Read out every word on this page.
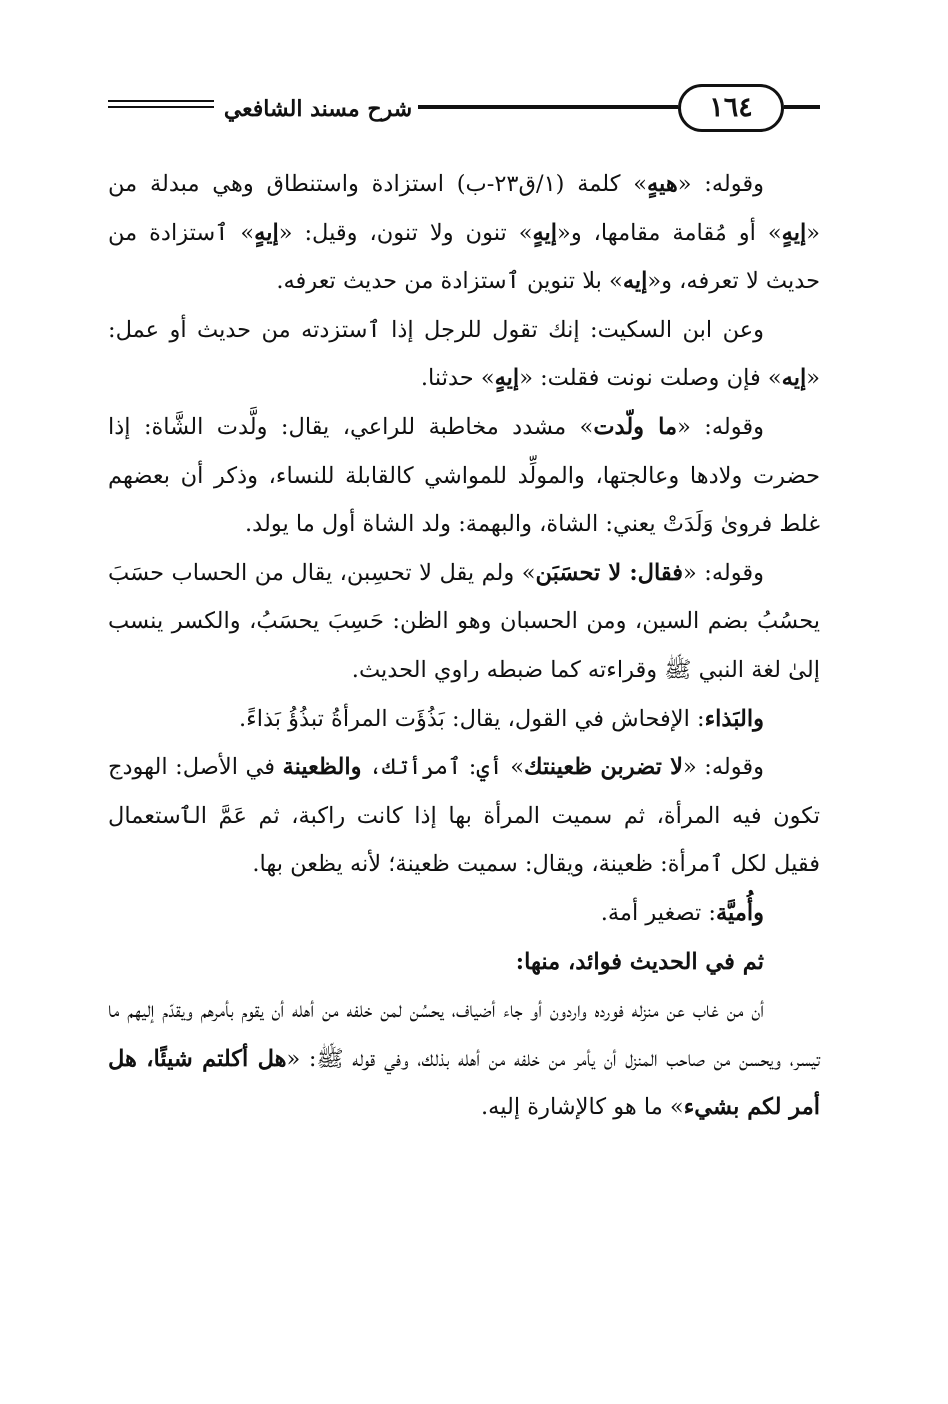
شرح مسند الشافعي	١٦٤

وقوله: «هيهٍ» كلمة (١/ق٢٣-ب) استزادة واستنطاق وهي مبدلة من «إيهٍ» أو مُقامة مقامها، و«إيهٍ» تنون ولا تنون، وقيل: «إيهٍ» ٱستزادة من حديث لا تعرفه، و«إيه» بلا تنوين ٱستزادة من حديث تعرفه.

وعن ابن السكيت: إنك تقول للرجل إذا ٱستزدته من حديث أو عمل: «إيه» فإن وصلت نونت فقلت: «إيهٍ» حدثنا.

وقوله: «ما ولّدت» مشدد مخاطبة للراعي، يقال: ولَّدت الشَّاة: إذا حضرت ولادها وعالجتها، والمولِّد للمواشي كالقابلة للنساء، وذكر أن بعضهم غلط فروىٰ وَلَدَتْ يعني: الشاة، والبهمة: ولد الشاة أول ما يولد.

وقوله: «فقال: لا تحسَبَن» ولم يقل لا تحسِبن، يقال من الحساب حسَبَ يحسُبُ بضم السين، ومن الحسبان وهو الظن: حَسِبَ يحسَبُ، والكسر ينسب إلىٰ لغة النبي ﷺ وقراءته كما ضبطه راوي الحديث.

والبَذاء: الإفحاش في القول، يقال: بَذُؤَت المرأةُ تبذُؤُ بَذاءً.

وقوله: «لا تضربن ظعينتك» أي: ٱمرأتك، والظعينة في الأصل: الهودج تكون فيه المرأة، ثم سميت المرأة بها إذا كانت راكبة، ثم عَمَّ الٱستعمال فقيل لكل ٱمرأة: ظعينة، ويقال: سميت ظعينة؛ لأنه يظعن بها.

وأُميَّة: تصغير أمة.

ثم في الحديث فوائد، منها:

أن من غاب عن منزله فورده واردون أو جاء أضياف، يحسُن لمن خلفه من أهله أن يقوم بأمرهم ويقدّم إليهم ما تيسر، ويحسن من صاحب المنزل أن يأمر من خلفه من أهله بذلك، وفي قوله ﷺ: «هل أكلتم شيئًا، هل أمر لكم بشيء» ما هو كالإشارة إليه.
